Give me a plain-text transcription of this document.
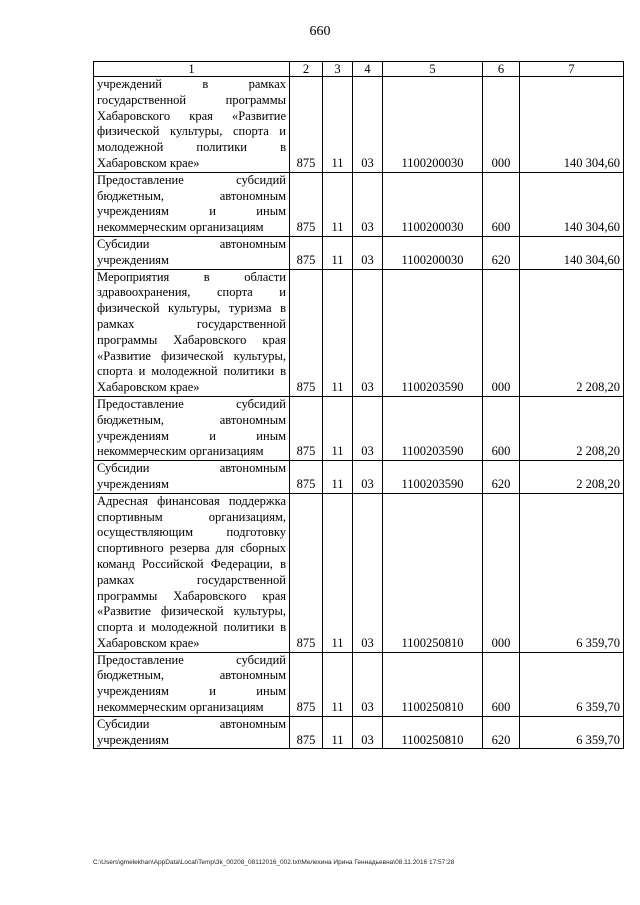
660
1	2	3	4	5	6	7
учреждений в рамках государственной программы Хабаровского края «Развитие физической культуры, спорта и молодежной политики в Хабаровском крае»	875	11	03	1100200030	000	140 304,60
Предоставление субсидий бюджетным, автономным учреждениям и иным некоммерческим организациям	875	11	03	1100200030	600	140 304,60
Субсидии автономным учреждениям	875	11	03	1100200030	620	140 304,60
Мероприятия в области здравоохранения, спорта и физической культуры, туризма в рамках государственной программы Хабаровского края «Развитие физической культуры, спорта и молодежной политики в Хабаровском крае»	875	11	03	1100203590	000	2 208,20
Предоставление субсидий бюджетным, автономным учреждениям и иным некоммерческим организациям	875	11	03	1100203590	600	2 208,20
Субсидии автономным учреждениям	875	11	03	1100203590	620	2 208,20
Адресная финансовая поддержка спортивным организациям, осуществляющим подготовку спортивного резерва для сборных команд Российской Федерации, в рамках государственной программы Хабаровского края «Развитие физической культуры, спорта и молодежной политики в Хабаровском крае»	875	11	03	1100250810	000	6 359,70
Предоставление субсидий бюджетным, автономным учреждениям и иным некоммерческим организациям	875	11	03	1100250810	600	6 359,70
Субсидии автономным учреждениям	875	11	03	1100250810	620	6 359,70
C:\Users\gmelekhan\AppData\Local\Temp\3k_00208_08112016_002.txt\Мелехина Ирина Геннадьевна\08.11.2016 17:57:28
